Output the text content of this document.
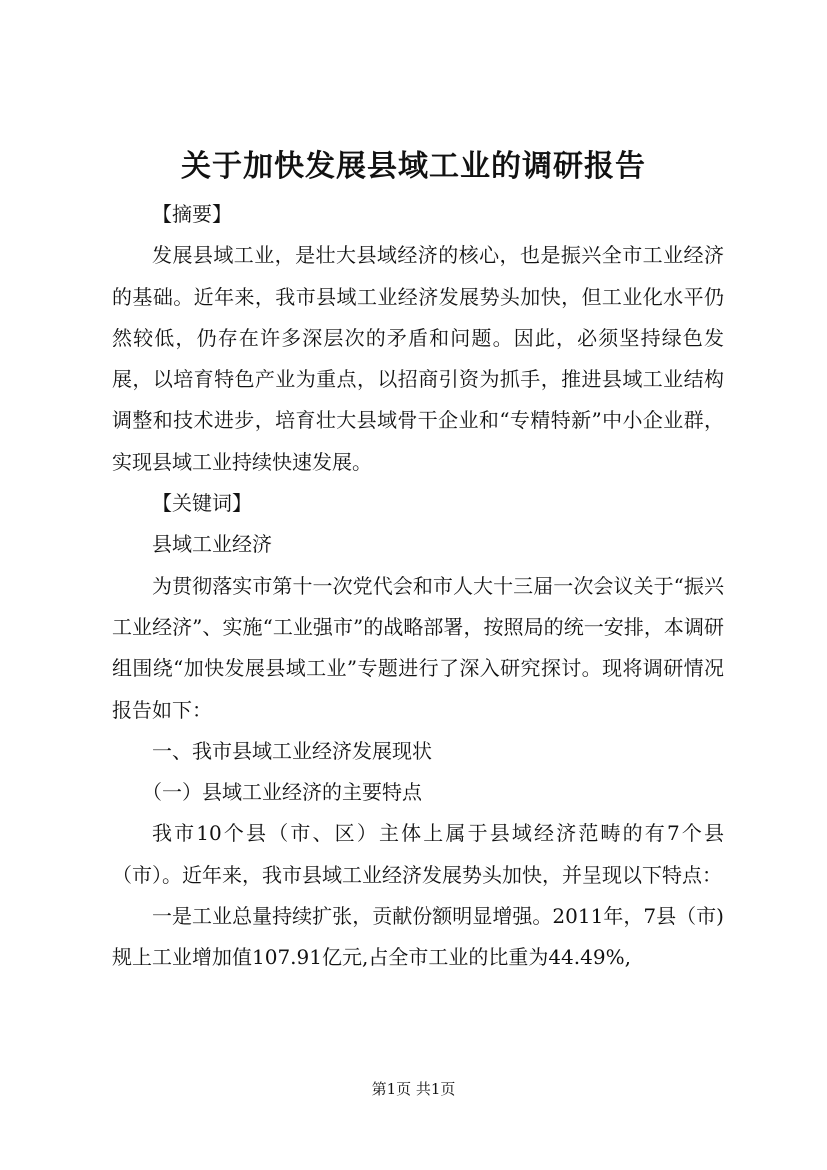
关于加快发展县域工业的调研报告

【摘要】

发展县域工业，是壮大县域经济的核心，也是振兴全市工业经济的基础。近年来，我市县域工业经济发展势头加快，但工业化水平仍然较低，仍存在许多深层次的矛盾和问题。因此，必须坚持绿色发展，以培育特色产业为重点，以招商引资为抓手，推进县域工业结构调整和技术进步，培育壮大县域骨干企业和“专精特新”中小企业群，实现县域工业持续快速发展。

【关键词】

县域工业经济

为贯彻落实市第十一次党代会和市人大十三届一次会议关于“振兴工业经济”、实施“工业强市”的战略部署，按照局的统一安排，本调研组围绕“加快发展县域工业”专题进行了深入研究探讨。现将调研情况报告如下：

一、我市县域工业经济发展现状

（一）县域工业经济的主要特点

我市10个县（市、区）主体上属于县域经济范畴的有7个县（市）。近年来，我市县域工业经济发展势头加快，并呈现以下特点：

一是工业总量持续扩张，贡献份额明显增强。2011年，7县（市)规上工业增加值107.91亿元,占全市工业的比重为44.49%,

第1页 共1页
